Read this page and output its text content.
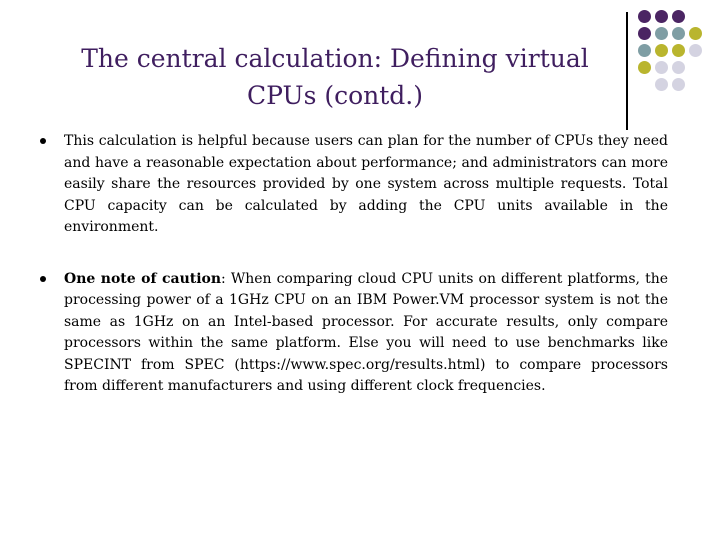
The central calculation: Defining virtual
CPUs (contd.)
This calculation is helpful because users can plan for the number of CPUs they need and have a reasonable expectation about performance; and administrators can more easily share the resources provided by one system across multiple requests. Total CPU capacity can be calculated by adding the CPU units available in the environment.
One note of caution: When comparing cloud CPU units on different platforms, the processing power of a 1GHz CPU on an IBM Power.VM processor system is not the same as 1GHz on an Intel-based processor. For accurate results, only compare processors within the same platform. Else you will need to use benchmarks like SPECINT from SPEC (https://www.spec.org/results.html) to compare processors from different manufacturers and using different clock frequencies.
